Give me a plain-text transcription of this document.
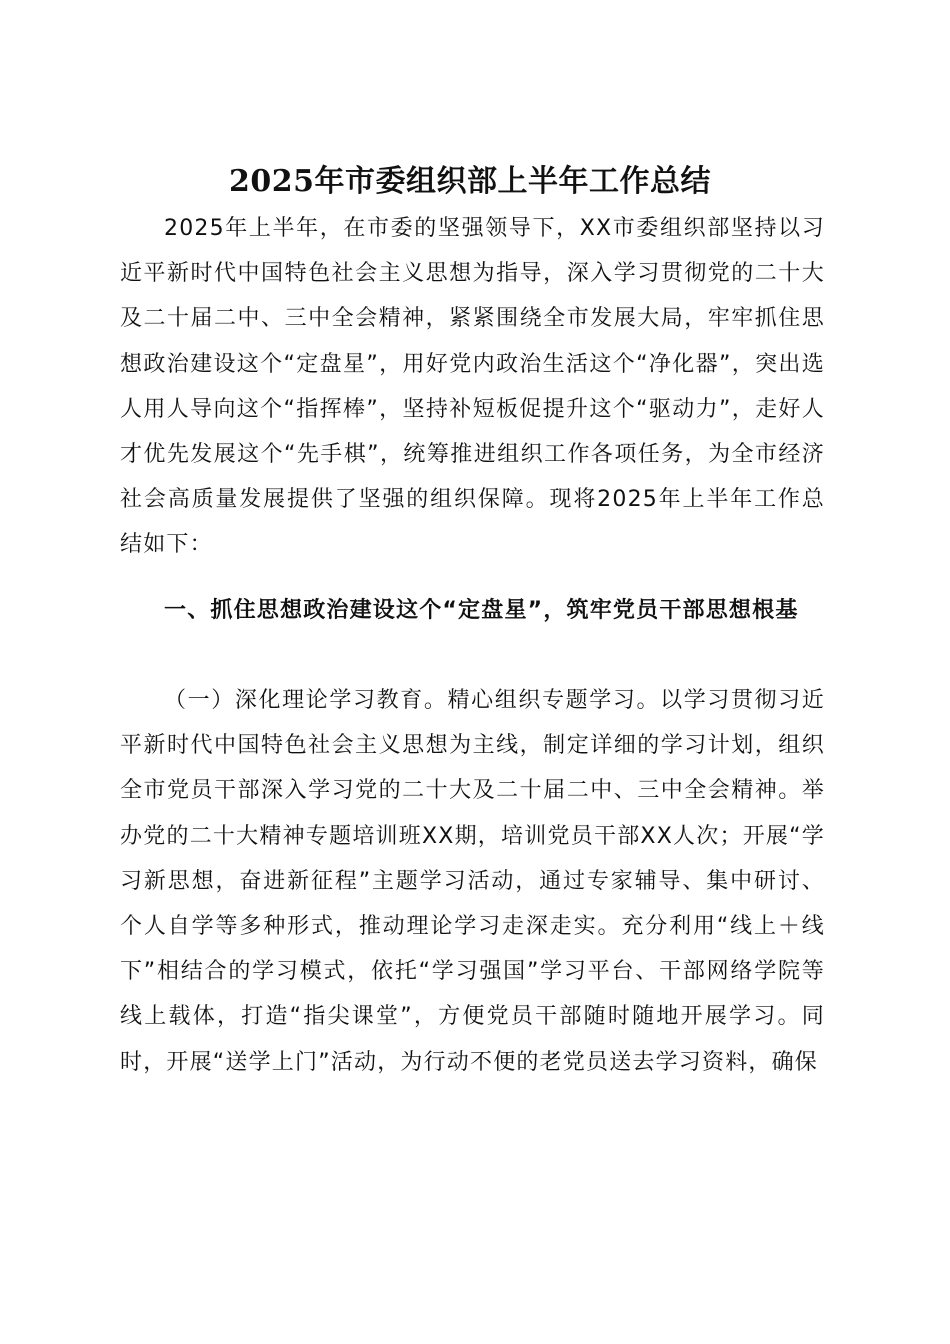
2025年市委组织部上半年工作总结

2025年上半年，在市委的坚强领导下，XX市委组织部坚持以习近平新时代中国特色社会主义思想为指导，深入学习贯彻党的二十大及二十届二中、三中全会精神，紧紧围绕全市发展大局，牢牢抓住思想政治建设这个“定盘星”，用好党内政治生活这个“净化器”，突出选人用人导向这个“指挥棒”，坚持补短板促提升这个“驱动力”，走好人才优先发展这个“先手棋”，统筹推进组织工作各项任务，为全市经济社会高质量发展提供了坚强的组织保障。现将2025年上半年工作总结如下：

一、抓住思想政治建设这个“定盘星”，筑牢党员干部思想根基

（一）深化理论学习教育。精心组织专题学习。以学习贯彻习近平新时代中国特色社会主义思想为主线，制定详细的学习计划，组织全市党员干部深入学习党的二十大及二十届二中、三中全会精神。举办党的二十大精神专题培训班XX期，培训党员干部XX人次；开展“学习新思想，奋进新征程”主题学习活动，通过专家辅导、集中研讨、个人自学等多种形式，推动理论学习走深走实。充分利用“线上＋线下”相结合的学习模式，依托“学习强国”学习平台、干部网络学院等线上载体，打造“指尖课堂”，方便党员干部随时随地开展学习。同时，开展“送学上门”活动，为行动不便的老党员送去学习资料，确保
